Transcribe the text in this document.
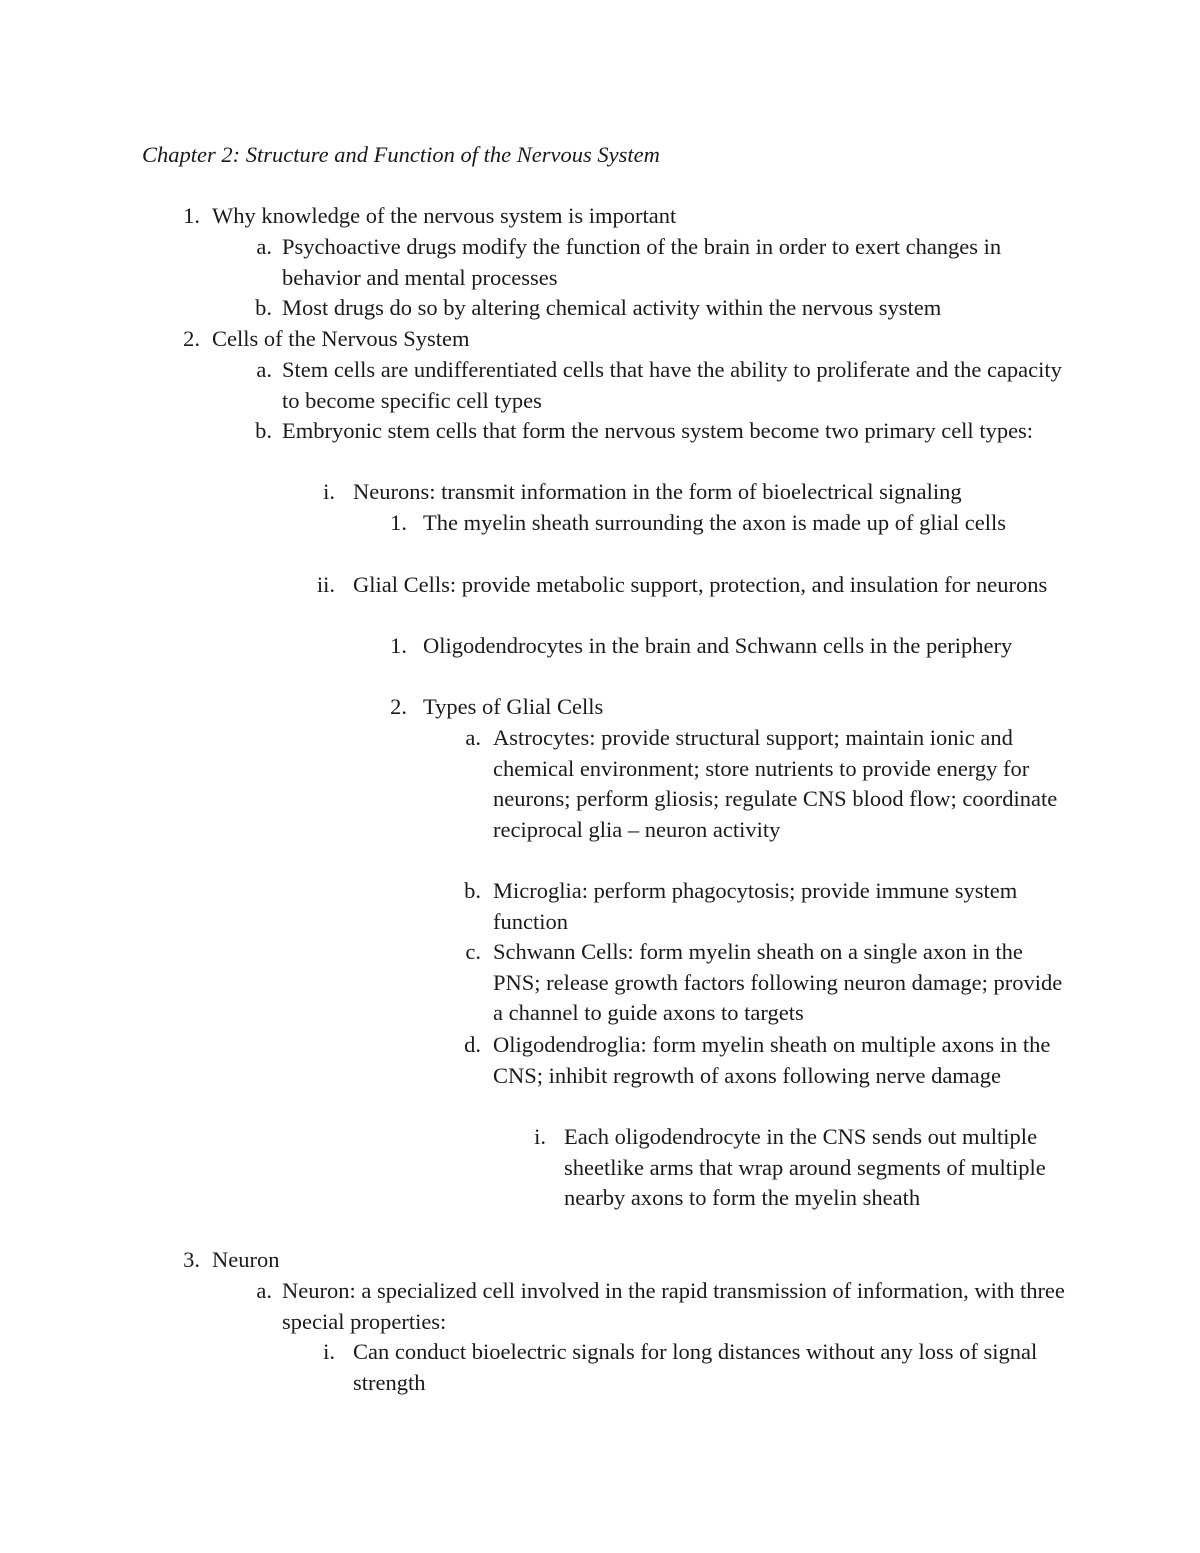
Chapter 2: Structure and Function of the Nervous System
1. Why knowledge of the nervous system is important
a. Psychoactive drugs modify the function of the brain in order to exert changes in behavior and mental processes
b. Most drugs do so by altering chemical activity within the nervous system
2. Cells of the Nervous System
a. Stem cells are undifferentiated cells that have the ability to proliferate and the capacity to become specific cell types
b. Embryonic stem cells that form the nervous system become two primary cell types:
i. Neurons: transmit information in the form of bioelectrical signaling
1. The myelin sheath surrounding the axon is made up of glial cells
ii. Glial Cells: provide metabolic support, protection, and insulation for neurons
1. Oligodendrocytes in the brain and Schwann cells in the periphery
2. Types of Glial Cells
a. Astrocytes: provide structural support; maintain ionic and chemical environment; store nutrients to provide energy for neurons; perform gliosis; regulate CNS blood flow; coordinate reciprocal glia – neuron activity
b. Microglia: perform phagocytosis; provide immune system function
c. Schwann Cells: form myelin sheath on a single axon in the PNS; release growth factors following neuron damage; provide a channel to guide axons to targets
d. Oligodendroglia: form myelin sheath on multiple axons in the CNS; inhibit regrowth of axons following nerve damage
i. Each oligodendrocyte in the CNS sends out multiple sheetlike arms that wrap around segments of multiple nearby axons to form the myelin sheath
3. Neuron
a. Neuron: a specialized cell involved in the rapid transmission of information, with three special properties:
i. Can conduct bioelectric signals for long distances without any loss of signal strength
